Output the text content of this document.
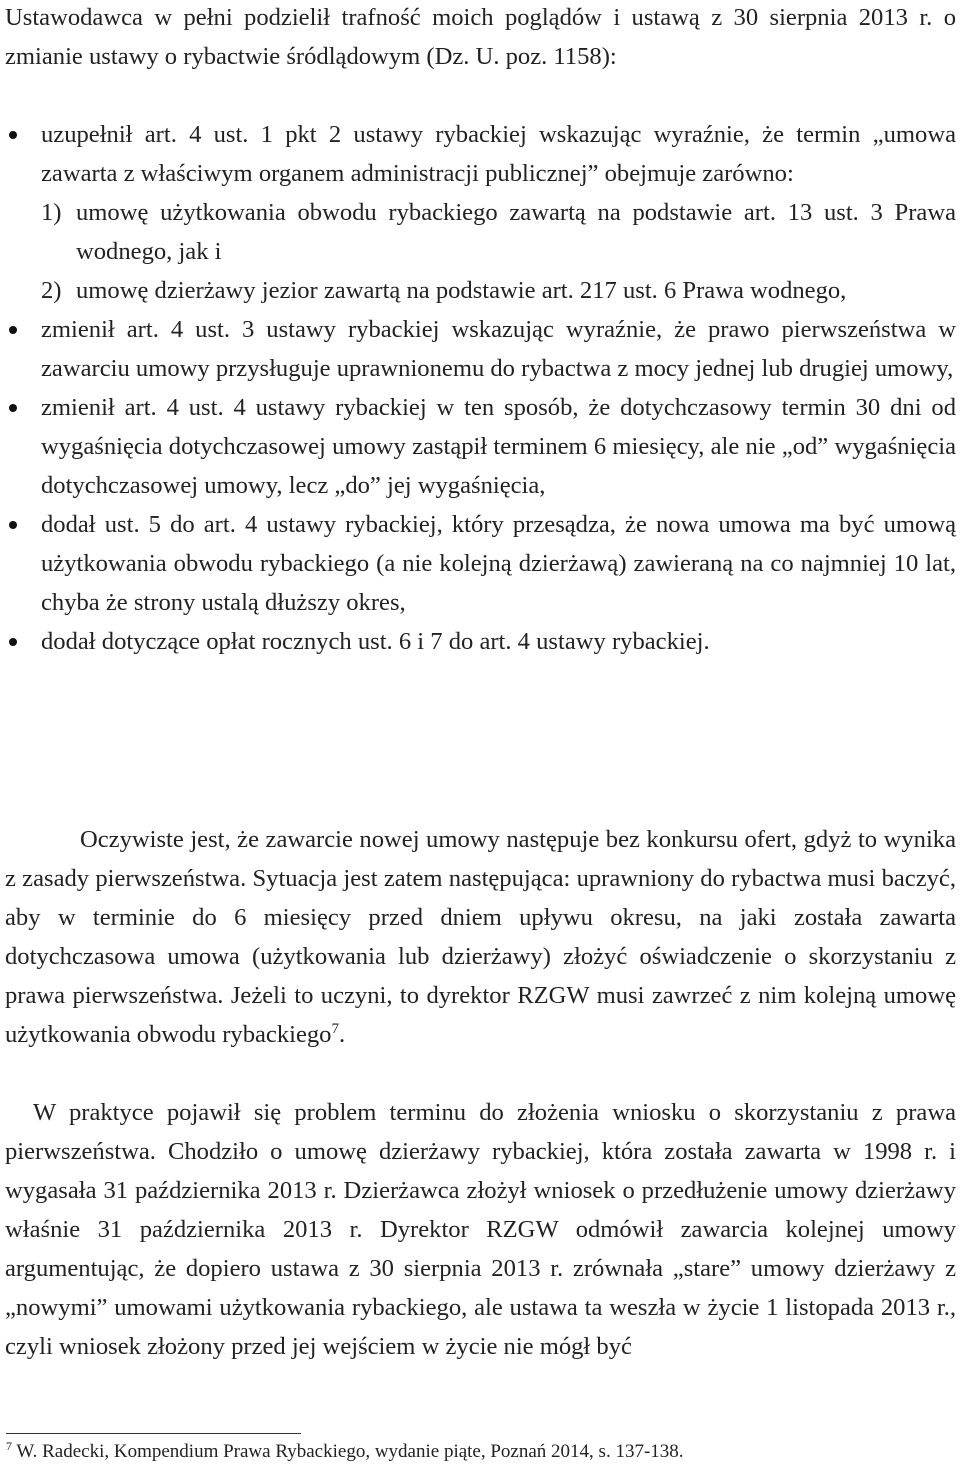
Ustawodawca w pełni podzielił trafność moich poglądów i ustawą z 30 sierpnia 2013 r. o zmianie ustawy o rybactwie śródlądowym (Dz. U. poz. 1158):

uzupełnił art. 4 ust. 1 pkt 2 ustawy rybackiej wskazując wyraźnie, że termin „umowa zawarta z właściwym organem administracji publicznej” obejmuje zarówno:
1) umowę użytkowania obwodu rybackiego zawartą na podstawie art. 13 ust. 3 Prawa wodnego, jak i
2) umowę dzierżawy jezior zawartą na podstawie art. 217 ust. 6 Prawa wodnego,
zmienił art. 4 ust. 3 ustawy rybackiej wskazując wyraźnie, że prawo pierwszeństwa w zawarciu umowy przysługuje uprawnionemu do rybactwa z mocy jednej lub drugiej umowy,
zmienił art. 4 ust. 4 ustawy rybackiej w ten sposób, że dotychczasowy termin 30 dni od wygaśnięcia dotychczasowej umowy zastąpił terminem 6 miesięcy, ale nie „od” wygaśnięcia dotychczasowej umowy, lecz „do” jej wygaśnięcia,
dodał ust. 5 do art. 4 ustawy rybackiej, który przesądza, że nowa umowa ma być umową użytkowania obwodu rybackiego (a nie kolejną dzierżawą) zawieraną na co najmniej 10 lat, chyba że strony ustalą dłuższy okres,
dodał dotyczące opłat rocznych ust. 6 i 7 do art. 4 ustawy rybackiej.

Oczywiste jest, że zawarcie nowej umowy następuje bez konkursu ofert, gdyż to wynika z zasady pierwszeństwa. Sytuacja jest zatem następująca: uprawniony do rybactwa musi baczyć, aby w terminie do 6 miesięcy przed dniem upływu okresu, na jaki została zawarta dotychczasowa umowa (użytkowania lub dzierżawy) złożyć oświadczenie o skorzystaniu z prawa pierwszeństwa. Jeżeli to uczyni, to dyrektor RZGW musi zawrzeć z nim kolejną umowę użytkowania obwodu rybackiego$^7$.

W praktyce pojawił się problem terminu do złożenia wniosku o skorzystaniu z prawa pierwszeństwa. Chodziło o umowę dzierżawy rybackiej, która została zawarta w 1998 r. i wygasała 31 października 2013 r. Dzierżawca złożył wniosek o przedłużenie umowy dzierżawy właśnie 31 października 2013 r. Dyrektor RZGW odmówił zawarcia kolejnej umowy argumentując, że dopiero ustawa z 30 sierpnia 2013 r. zrównała „stare” umowy dzierżawy z „nowymi” umowami użytkowania rybackiego, ale ustawa ta weszła w życie 1 listopada 2013 r., czyli wniosek złożony przed jej wejściem w życie nie mógł być

$^7$ W. Radecki, Kompendium Prawa Rybackiego, wydanie piąte, Poznań 2014, s. 137-138.
